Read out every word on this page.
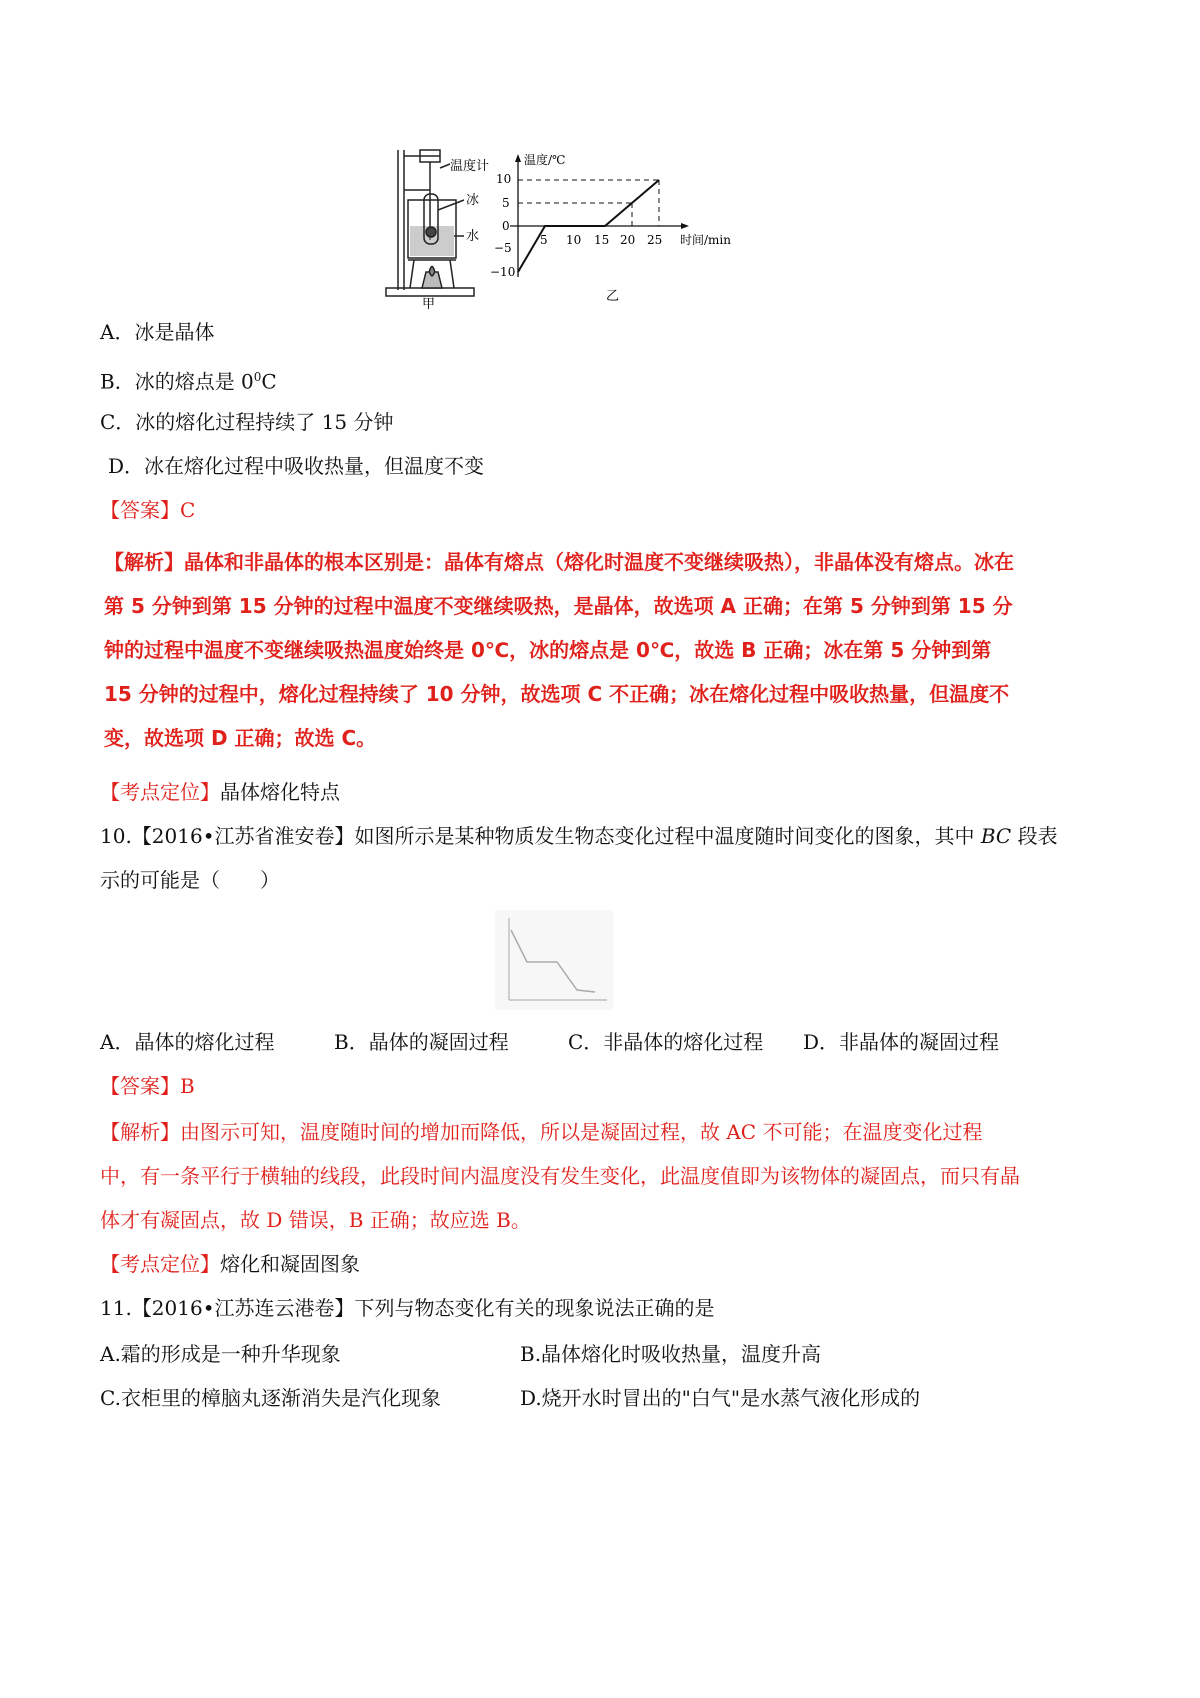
温度计
冰
水
甲
温度/℃
时间/min
10
5
0
−5
−10
5 10 15 20 25
乙
A．冰是晶体
B．冰的熔点是 $0^0C$
C．冰的熔化过程持续了 15 分钟
D．冰在熔化过程中吸收热量，但温度不变
【答案】C
【解析】晶体和非晶体的根本区别是：晶体有熔点（熔化时温度不变继续吸热），非晶体没有熔点。冰在第 5 分钟到第 15 分钟的过程中温度不变继续吸热，是晶体，故选项 A 正确；在第 5 分钟到第 15 分钟的过程中温度不变继续吸热温度始终是 0℃，冰的熔点是 0℃，故选 B 正确；冰在第 5 分钟到第 15 分钟的过程中，熔化过程持续了 10 分钟，故选项 C 不正确；冰在熔化过程中吸收热量，但温度不变，故选项 D 正确；故选 C。
【考点定位】晶体熔化特点
10.【2016•江苏省淮安卷】如图所示是某种物质发生物态变化过程中温度随时间变化的图象，其中 BC 段表
示的可能是（　　）
A．晶体的熔化过程	B．晶体的凝固过程	C．非晶体的熔化过程 D．非晶体的凝固过程
【答案】B
【解析】由图示可知，温度随时间的增加而降低，所以是凝固过程，故 AC 不可能；在温度变化过程中，有一条平行于横轴的线段，此段时间内温度没有发生变化，此温度值即为该物体的凝固点，而只有晶体才有凝固点，故 D 错误，B 正确；故应选 B。
【考点定位】熔化和凝固图象
11.【2016•江苏连云港卷】下列与物态变化有关的现象说法正确的是
A.霜的形成是一种升华现象	B.晶体熔化时吸收热量，温度升高
C.衣柜里的樟脑丸逐渐消失是汽化现象	D.烧开水时冒出的"白气"是水蒸气液化形成的
